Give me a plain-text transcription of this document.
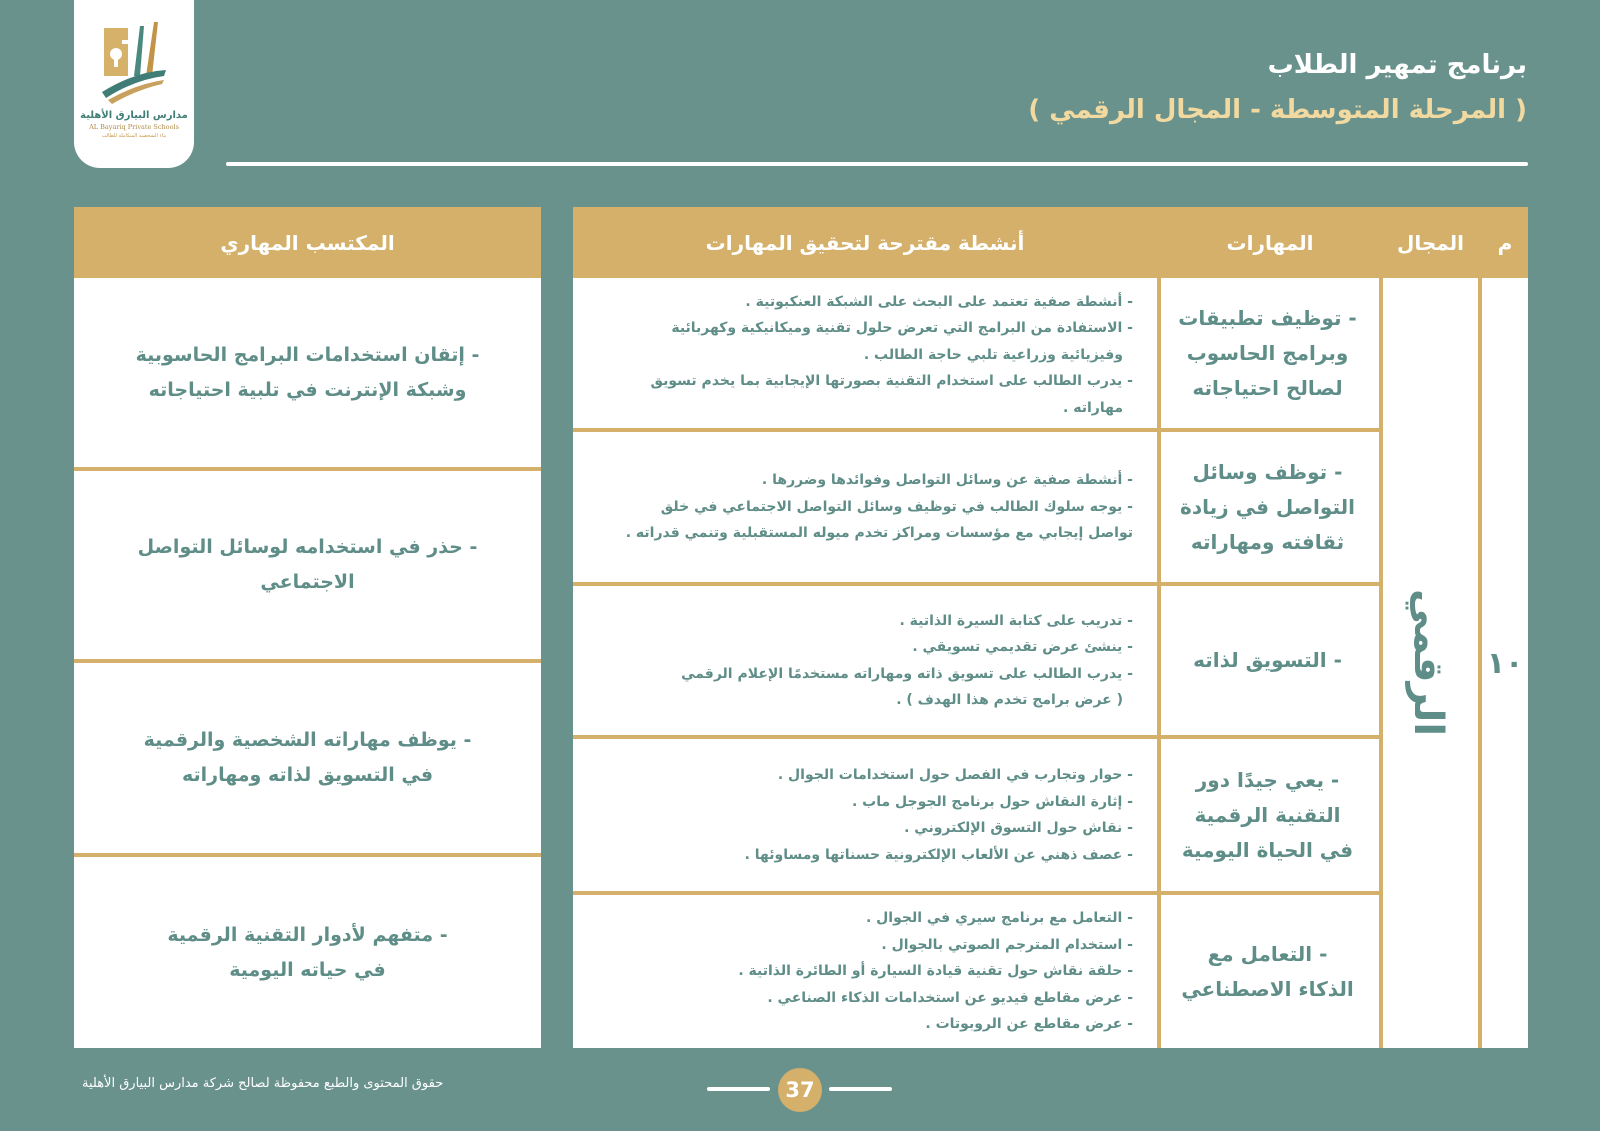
مدارس البيارق الأهلية
AL Bayariq Private Schools
بناء الشخصية المتكاملة للطالب
برنامج تمهير الطلاب
( المرحلة المتوسطة - المجال الرقمي )
م
المجال
المهارات
أنشطة مقترحة لتحقيق المهارات
١٠
الرقمي
- توظيف تطبيقات
وبرامج الحاسوب
لصالح احتياجاته
- أنشطة صفية تعتمد على البحث على الشبكة العنكبوتية .
- الاستفادة من البرامج التي تعرض حلول تقنية وميكانيكية وكهربائية
وفيزيائية وزراعية تلبي حاجة الطالب .
- يدرب الطالب على استخدام التقنية بصورتها الإيجابية بما يخدم تسويق
مهاراته .
- توظف وسائل
التواصل في زيادة
ثقافته ومهاراته
- أنشطة صفية عن وسائل التواصل وفوائدها وضررها .
- يوجه سلوك الطالب في توظيف وسائل التواصل الاجتماعي في خلق
تواصل إيجابي مع مؤسسات ومراكز تخدم ميوله المستقبلية وتنمي قدراته .
- التسويق لذاته
- تدريب على كتابة السيرة الذاتية .
- ينشئ عرض تقديمي تسويقي .
- يدرب الطالب على تسويق ذاته ومهاراته مستخدمًا الإعلام الرقمي
( عرض برامج تخدم هذا الهدف ) .
- يعي جيدًا دور
التقنية الرقمية
في الحياة اليومية
- حوار وتجارب في الفصل حول استخدامات الجوال .
- إثارة النقاش حول برنامج الجوجل ماب .
- نقاش حول التسوق الإلكتروني .
- عصف ذهني عن الألعاب الإلكترونية حسناتها ومساوئها .
- التعامل مع
الذكاء الاصطناعي
- التعامل مع برنامج سيري في الجوال .
- استخدام المترجم الصوتي بالجوال .
- حلقة نقاش حول تقنية قيادة السيارة أو الطائرة الذاتية .
- عرض مقاطع فيديو عن استخدامات الذكاء الصناعي .
- عرض مقاطع عن الروبوتات .
المكتسب المهاري
- إتقان استخدامات البرامج الحاسوبية
وشبكة الإنترنت في تلبية احتياجاته
- حذر في استخدامه لوسائل التواصل الاجتماعي
- يوظف مهاراته الشخصية والرقمية
في التسويق لذاته ومهاراته
- متفهم لأدوار التقنية الرقمية
في حياته اليومية
حقوق المحتوى والطبع محفوظة لصالح شركة مدارس البيارق الأهلية	37
